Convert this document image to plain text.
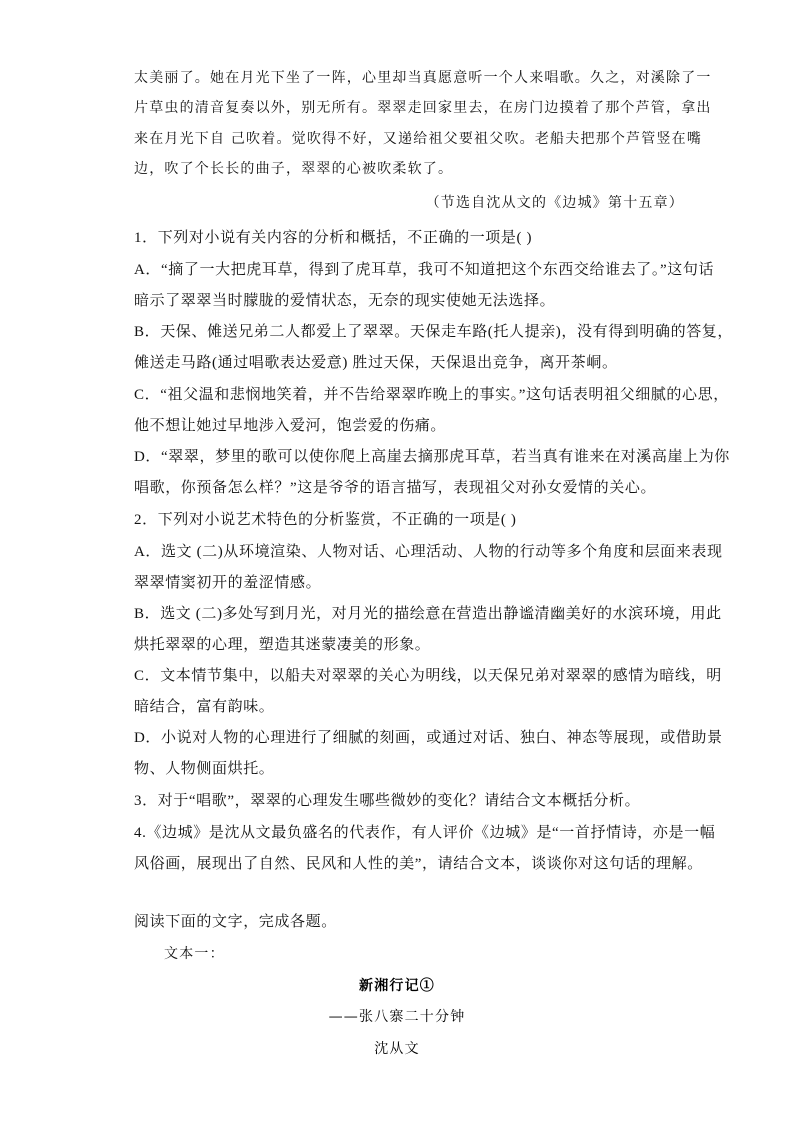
太美丽了。她在月光下坐了一阵，心里却当真愿意听一个人来唱歌。久之，对溪除了一
片草虫的清音复奏以外，别无所有。翠翠走回家里去，在房门边摸着了那个芦管，拿出
来在月光下自 己吹着。觉吹得不好，又递给祖父要祖父吹。老船夫把那个芦管竖在嘴
边，吹了个长长的曲子，翠翠的心被吹柔软了。
（节选自沈从文的《边城》第十五章）
1．下列对小说有关内容的分析和概括，不正确的一项是( )
A．“摘了一大把虎耳草，得到了虎耳草，我可不知道把这个东西交给谁去了。”这句话
暗示了翠翠当时朦胧的爱情状态，无奈的现实使她无法选择。
B．天保、傩送兄弟二人都爱上了翠翠。天保走车路(托人提亲)，没有得到明确的答复，
傩送走马路(通过唱歌表达爱意) 胜过天保，天保退出竞争，离开茶峒。
C．“祖父温和悲悯地笑着，并不告给翠翠昨晚上的事实。”这句话表明祖父细腻的心思，
他不想让她过早地涉入爱河，饱尝爱的伤痛。
D．“翠翠，梦里的歌可以使你爬上高崖去摘那虎耳草，若当真有谁来在对溪高崖上为你
唱歌，你预备怎么样？”这是爷爷的语言描写，表现祖父对孙女爱情的关心。
2．下列对小说艺术特色的分析鉴赏，不正确的一项是( )
A．选文 (二)从环境渲染、人物对话、心理活动、人物的行动等多个角度和层面来表现
翠翠情窦初开的羞涩情感。
B．选文 (二)多处写到月光，对月光的描绘意在营造出静谧清幽美好的水滨环境，用此
烘托翠翠的心理，塑造其迷蒙凄美的形象。
C．文本情节集中，以船夫对翠翠的关心为明线，以天保兄弟对翠翠的感情为暗线，明
暗结合，富有韵味。
D．小说对人物的心理进行了细腻的刻画，或通过对话、独白、神态等展现，或借助景
物、人物侧面烘托。
3．对于“唱歌”，翠翠的心理发生哪些微妙的变化？请结合文本概括分析。
4.《边城》是沈从文最负盛名的代表作，有人评价《边城》是“一首抒情诗，亦是一幅
风俗画，展现出了自然、民风和人性的美”，请结合文本，谈谈你对这句话的理解。
阅读下面的文字，完成各题。
文本一：
新湘行记①
——张八寨二十分钟
沈从文
